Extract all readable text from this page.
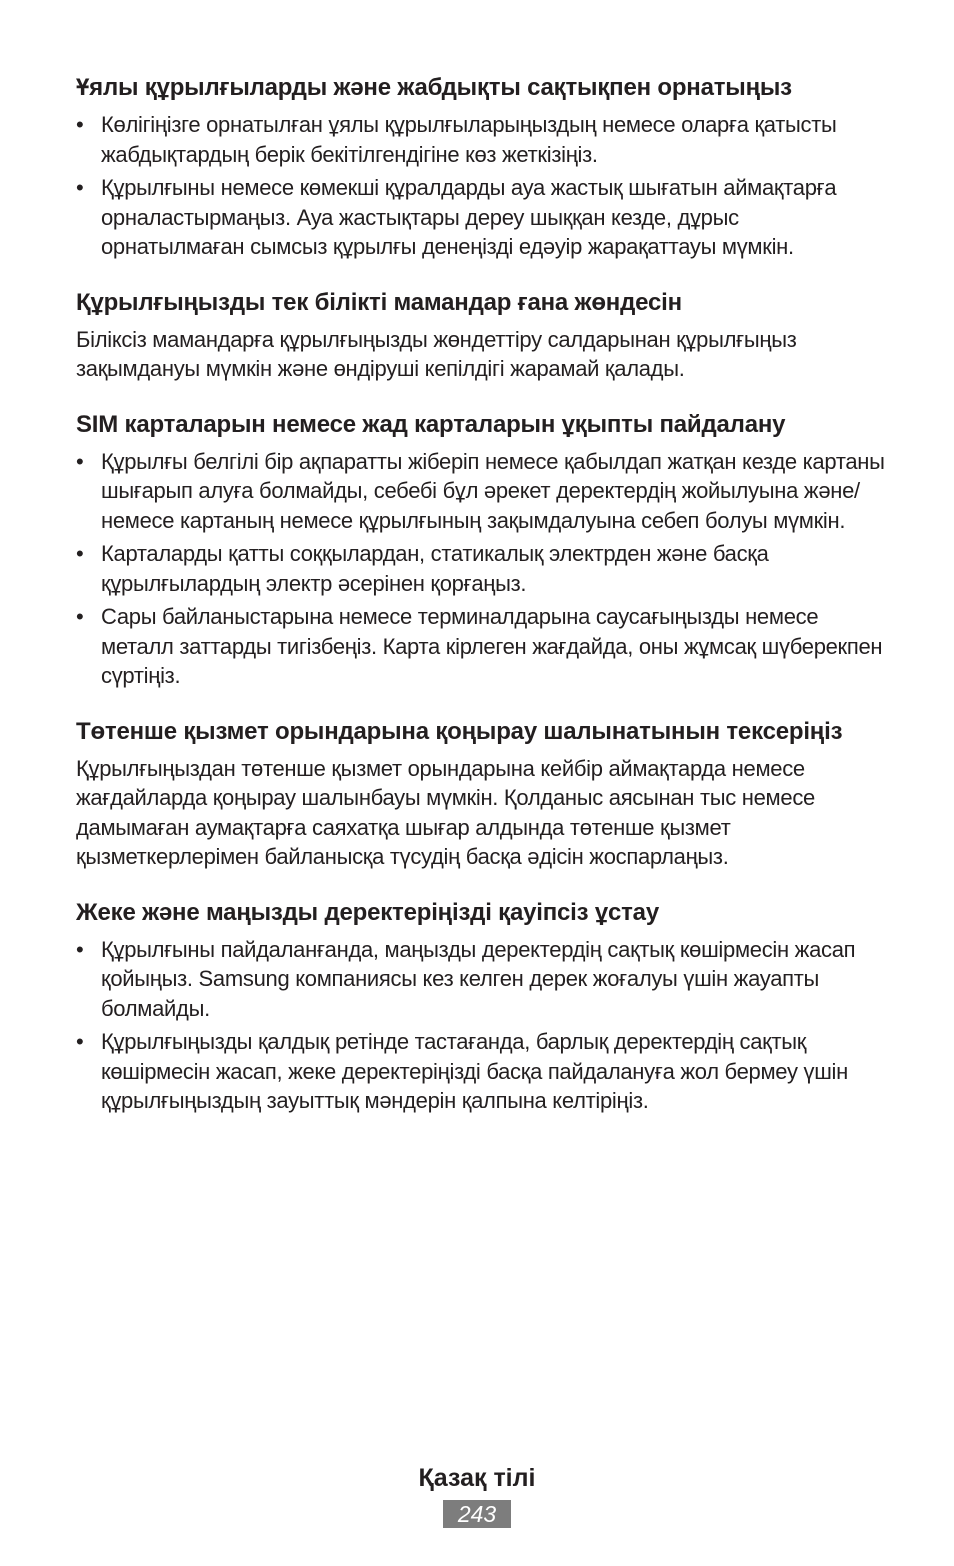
Ұялы құрылғыларды және жабдықты сақтықпен орнатыңыз
• Көлігіңізге орнатылған ұялы құрылғыларыңыздың немесе оларға қатысты жабдықтардың берік бекітілгендігіне көз жеткізіңіз.
• Құрылғыны немесе көмекші құралдарды ауа жастық шығатын аймақтарға орналастырмаңыз. Ауа жастықтары дереу шыққан кезде, дұрыс орнатылмаған сымсыз құрылғы денеңізді едәуір жарақаттауы мүмкін.
Құрылғыңызды тек білікті мамандар ғана жөндесін

Біліксіз мамандарға құрылғыңызды жөндеттіру салдарынан құрылғыңыз зақымдануы мүмкін және өндіруші кепілдігі жарамай қалады.

SIM карталарын немесе жад карталарын ұқыпты пайдалану
• Құрылғы белгілі бір ақпаратты жіберіп немесе қабылдап жатқан кезде картаны шығарып алуға болмайды, себебі бұл әрекет деректердің жойылуына және/немесе картаның немесе құрылғының зақымдалуына себеп болуы мүмкін.
• Карталарды қатты соққылардан, статикалық электрден және басқа құрылғылардың электр әсерінен қорғаңыз.
• Сары байланыстарына немесе терминалдарына саусағыңызды немесе металл заттарды тигізбеңіз. Карта кірлеген жағдайда, оны жұмсақ шүберекпен сүртіңіз.
Төтенше қызмет орындарына қоңырау шалынатынын тексеріңіз

Құрылғыңыздан төтенше қызмет орындарына кейбір аймақтарда немесе жағдайларда қоңырау шалынбауы мүмкін. Қолданыс аясынан тыс немесе дамымаған аумақтарға саяхатқа шығар алдында төтенше қызмет қызметкерлерімен байланысқа түсудің басқа әдісін жоспарлаңыз.

Жеке және маңызды деректеріңізді қауіпсіз ұстау
• Құрылғыны пайдаланғанда, маңызды деректердің сақтық көшірмесін жасап қойыңыз. Samsung компаниясы кез келген дерек жоғалуы үшін жауапты болмайды.
• Құрылғыңызды қалдық ретінде тастағанда, барлық деректердің сақтық көшірмесін жасап, жеке деректеріңізді басқа пайдалануға жол бермеу үшін құрылғыңыздың зауыттық мәндерін қалпына келтіріңіз.
Қазақ тілі
243
